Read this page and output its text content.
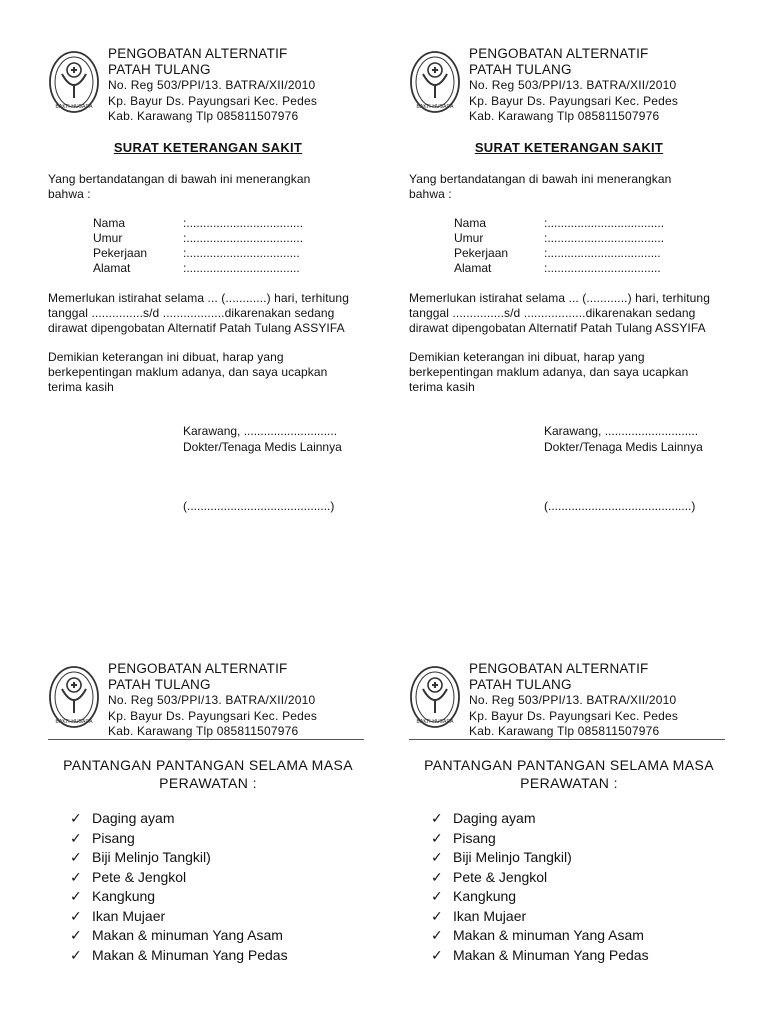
BAKTI HUSADA
PENGOBATAN ALTERNATIF
PATAH TULANG
No. Reg 503/PPI/13. BATRA/XII/2010
Kp. Bayur Ds. Payungsari Kec. Pedes
Kab. Karawang Tlp 085811507976
SURAT KETERANGAN SAKIT
Yang bertandatangan di bawah ini menerangkan
bahwa :
Nama	:...................................
Umur	:...................................
Pekerjaan	:..................................
Alamat	:..................................
Memerlukan istirahat selama ... (............) hari, terhitung
tanggal ...............s/d ..................dikarenakan sedang
dirawat dipengobatan Alternatif Patah Tulang ASSYIFA
Demikian keterangan ini dibuat, harap yang
berkepentingan maklum adanya, dan saya ucapkan
terima kasih
Karawang, ............................
Dokter/Tenaga Medis Lainnya
(...........................................)
BAKTI HUSADA
PENGOBATAN ALTERNATIF
PATAH TULANG
No. Reg 503/PPI/13. BATRA/XII/2010
Kp. Bayur Ds. Payungsari Kec. Pedes
Kab. Karawang Tlp 085811507976
SURAT KETERANGAN SAKIT
Yang bertandatangan di bawah ini menerangkan
bahwa :
Nama	:...................................
Umur	:...................................
Pekerjaan	:..................................
Alamat	:..................................
Memerlukan istirahat selama ... (............) hari, terhitung
tanggal ...............s/d ..................dikarenakan sedang
dirawat dipengobatan Alternatif Patah Tulang ASSYIFA
Demikian keterangan ini dibuat, harap yang
berkepentingan maklum adanya, dan saya ucapkan
terima kasih
Karawang, ............................
Dokter/Tenaga Medis Lainnya
(...........................................)
BAKTI HUSADA
PENGOBATAN ALTERNATIF
PATAH TULANG
No. Reg 503/PPI/13. BATRA/XII/2010
Kp. Bayur Ds. Payungsari Kec. Pedes
Kab. Karawang Tlp 085811507976
PANTANGAN PANTANGAN SELAMA MASA
PERAWATAN :
✓ Daging ayam
✓ Pisang
✓ Biji Melinjo Tangkil)
✓ Pete & Jengkol
✓ Kangkung
✓ Ikan Mujaer
✓ Makan & minuman Yang Asam
✓ Makan & Minuman Yang Pedas
BAKTI HUSADA
PENGOBATAN ALTERNATIF
PATAH TULANG
No. Reg 503/PPI/13. BATRA/XII/2010
Kp. Bayur Ds. Payungsari Kec. Pedes
Kab. Karawang Tlp 085811507976
PANTANGAN PANTANGAN SELAMA MASA
PERAWATAN :
✓ Daging ayam
✓ Pisang
✓ Biji Melinjo Tangkil)
✓ Pete & Jengkol
✓ Kangkung
✓ Ikan Mujaer
✓ Makan & minuman Yang Asam
✓ Makan & Minuman Yang Pedas
